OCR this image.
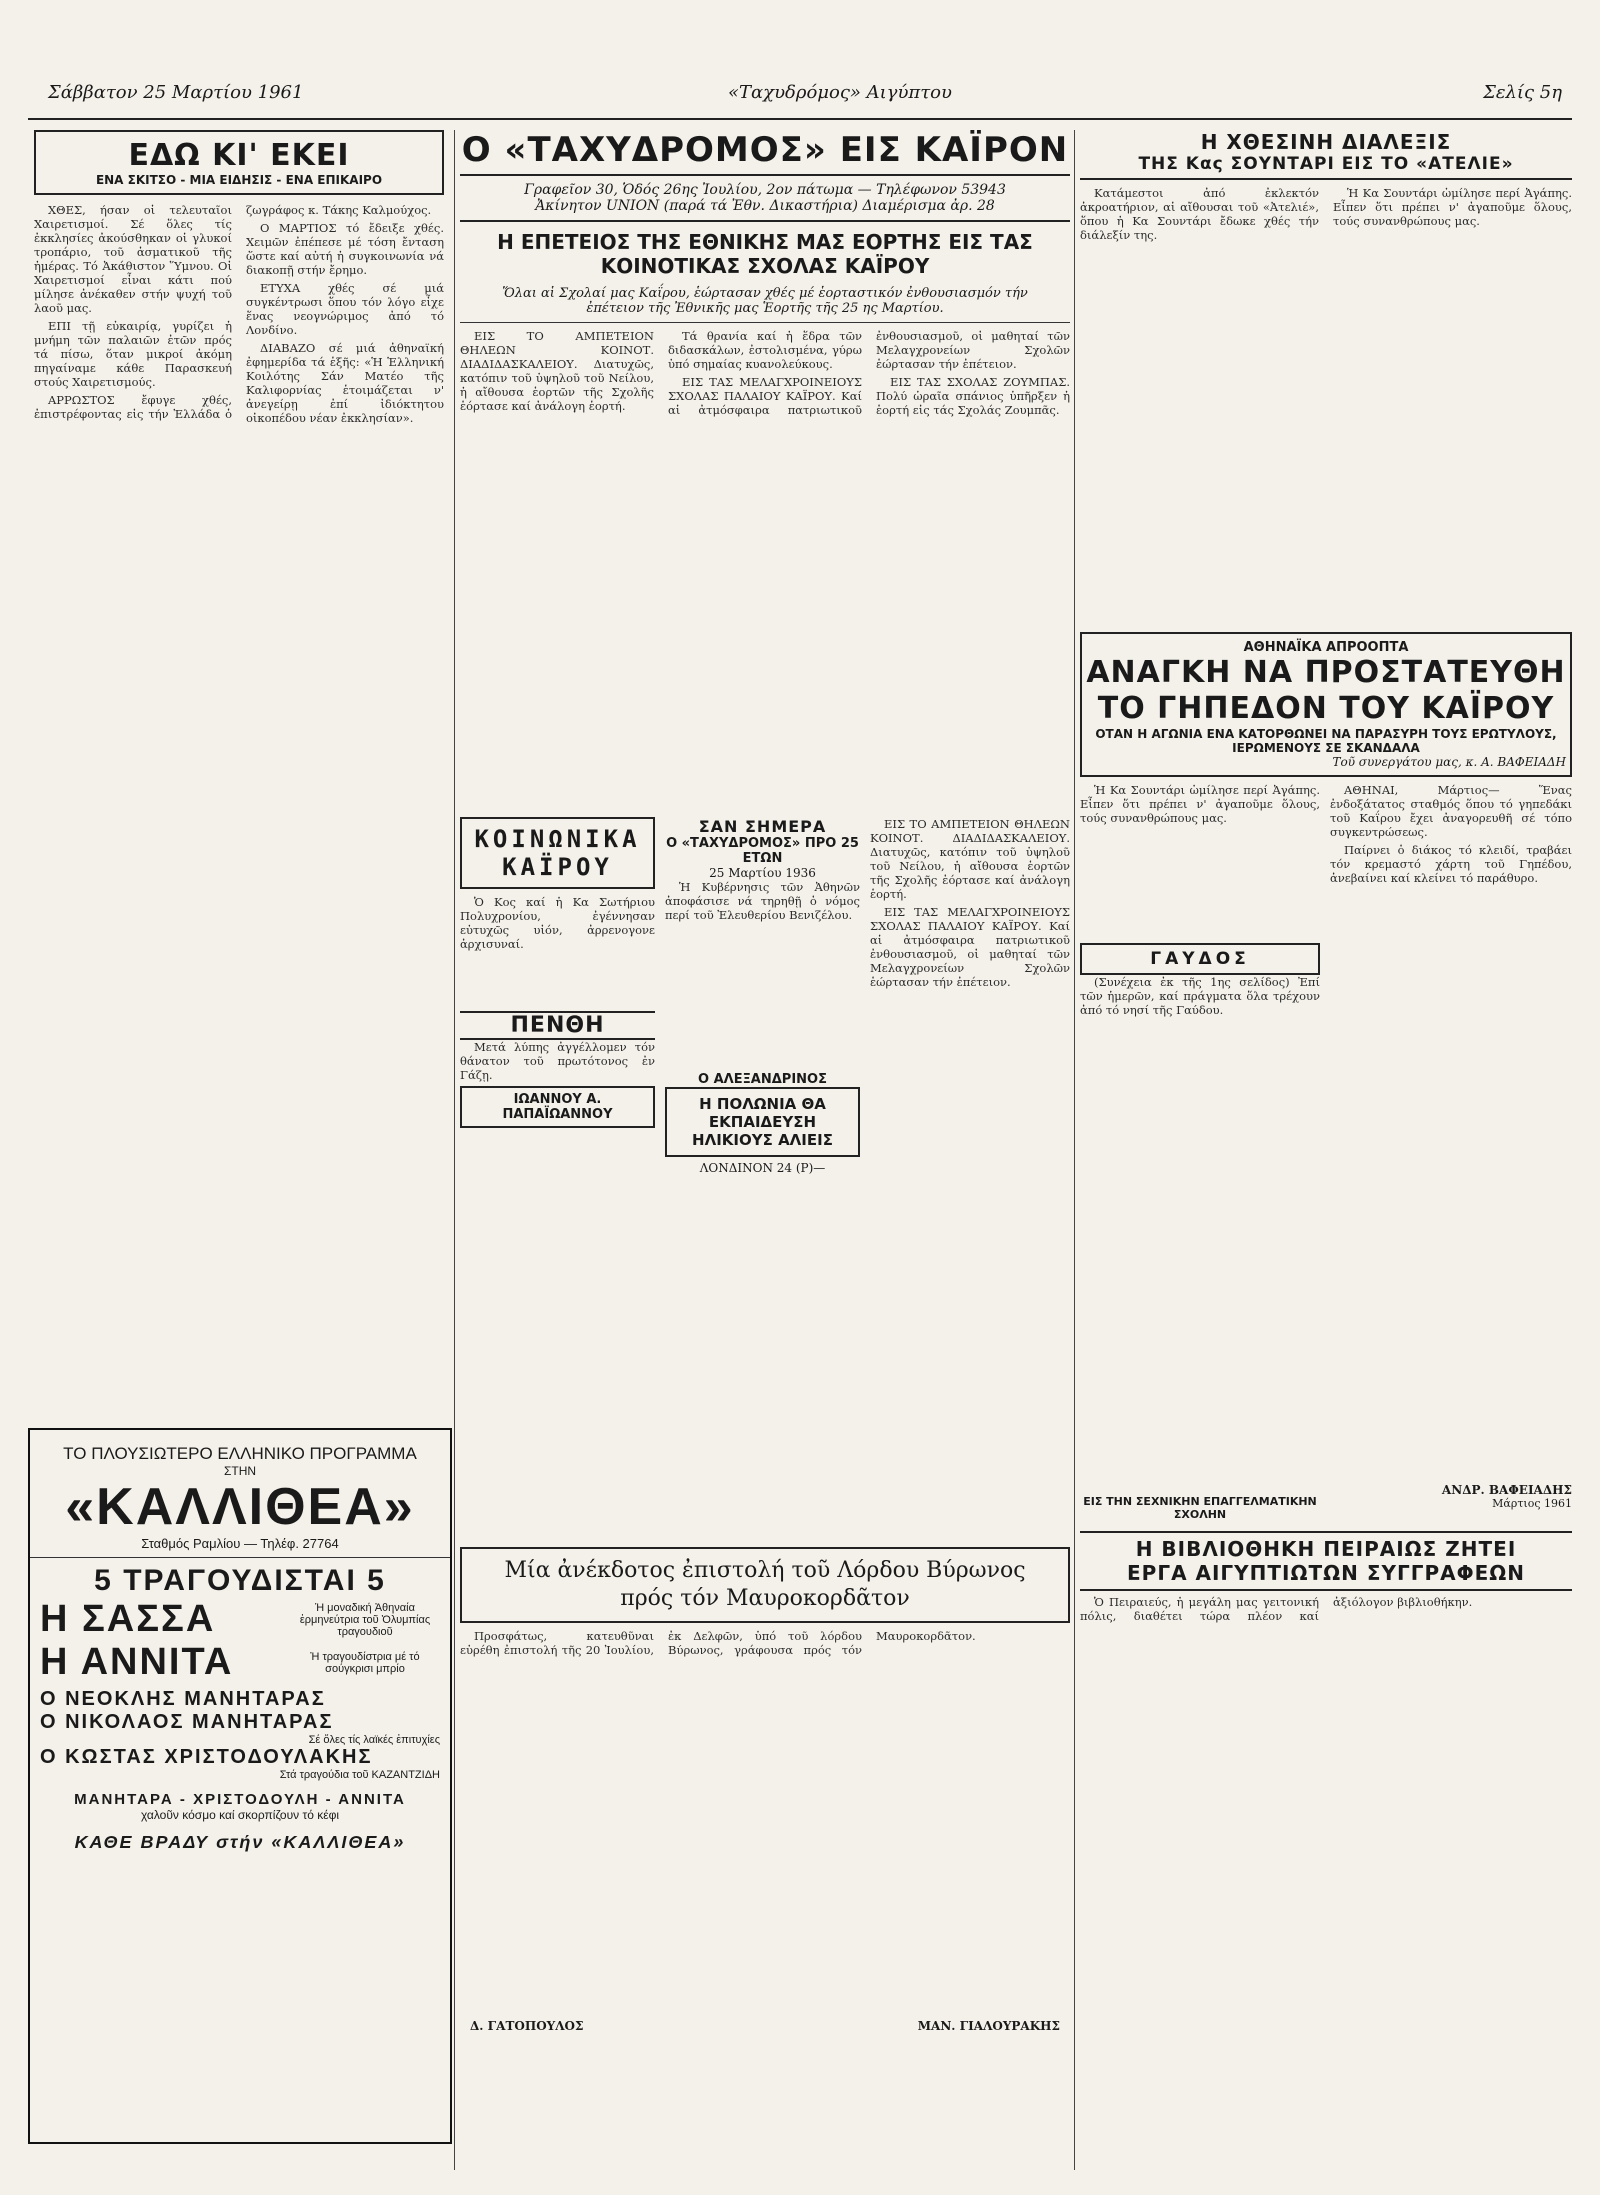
Σάββατον 25 Μαρτίου 1961	«Ταχυδρόμος» Αιγύπτου	Σελίς 5η
ΕΔΩ ΚΙ' ΕΚΕΙ
ΕΝΑ ΣΚΙΤΣΟ - ΜΙΑ ΕΙΔΗΣΙΣ - ΕΝΑ ΕΠΙΚΑΙΡΟ

ΧΘΕΣ, ήσαν οἱ τελευταῖοι Χαιρετισμοί. Σέ ὅλες τίς ἐκκλησίες ἀκούσθηκαν οἱ γλυκοί τροπάριο, τοῦ ἀσματικοῦ τῆς ἡμέρας. Τό Ἀκάθιστον Ὕμνου. Οἱ Χαιρετισμοί εἶναι κάτι πού μίλησε ἀνέκαθεν στήν ψυχή τοῦ λαοῦ μας.

ΕΠΙ τῇ εὐκαιρίᾳ, γυρίζει ἡ μνήμη τῶν παλαιῶν ἐτῶν πρός τά πίσω, ὅταν μικροί ἀκόμη πηγαίναμε κάθε Παρασκευή στούς Χαιρετισμούς.

ΑΡΡΩΣΤΟΣ ἔφυγε χθές, ἐπιστρέφοντας εἰς τήν Ἑλλάδα ὁ ζωγράφος κ. Τάκης Καλμούχος.

Ο ΜΑΡΤΙΟΣ τό ἔδειξε χθές. Χειμῶν ἐπέπεσε μέ τόση ἔνταση ὥστε καί αὐτή ἡ συγκοινωνία νά διακοπῇ στήν ἔρημο.

ΕΤΥΧΑ χθές σέ μιά συγκέντρωσι ὅπου τόν λόγο εἶχε ἕνας νεογνώριμος ἀπό τό Λονδίνο.

ΔΙΑΒΑΖΟ σέ μιά ἀθηναϊκή ἐφημερίδα τά ἑξῆς: «Ἡ Ἑλληνική Κοιλότης Σάν Ματέο τῆς Καλιφορνίας ἑτοιμάζεται ν' ἀνεγείρῃ ἐπί ἰδιόκτητου οἰκοπέδου νέαν ἐκκλησίαν».

ΤΟ ΠΛΟΥΣΙΩΤΕΡΟ ΕΛΛΗΝΙΚΟ ΠΡΟΓΡΑΜΜΑ
ΣΤΗΝ
«ΚΑΛΛΙΘΕΑ»
Σταθμός Ραμλίου — Τηλέφ. 27764
5 ΤΡΑΓΟΥΔΙΣΤΑΙ 5
Η ΣΑΣΣΑ	Ἡ μοναδική Ἀθηναία ἑρμηνεύτρια τοῦ Ὀλυμπίας τραγουδιοῦ
Η ΑΝΝΙΤΑ	Ἡ τραγουδίστρια μέ τό σούγκρισι μπρίο
Ο ΝΕΟΚΛΗΣ ΜΑΝΗΤΑΡΑΣ
Ο ΝΙΚΟΛΑΟΣ ΜΑΝΗΤΑΡΑΣ
Σέ ὅλες τίς λαϊκές ἐπιτυχίες
Ο ΚΩΣΤΑΣ ΧΡΙΣΤΟΔΟΥΛΑΚΗΣ
Στά τραγούδια τοῦ ΚΑΖΑΝΤΖΙΔΗ
ΜΑΝΗΤΑΡΑ - ΧΡΙΣΤΟΔΟΥΛΗ - ΑΝΝΙΤΑ
χαλοῦν κόσμο καί σκορπίζουν τό κέφι
ΚΑΘΕ ΒΡΑΔΥ στήν «ΚΑΛΛΙΘΕΑ»
Ο «ΤΑΧΥΔΡΟΜΟΣ» ΕΙΣ ΚΑΪΡΟΝ
Γραφεῖον 30, Ὁδός 26ης Ἰουλίου, 2ον πάτωμα — Τηλέφωνον 53943
Ἀκίνητον UNION (παρά τά Ἐθν. Δικαστήρια) Διαμέρισμα ἀρ. 28
Η ΕΠΕΤΕΙΟΣ ΤΗΣ ΕΘΝΙΚΗΣ ΜΑΣ ΕΟΡΤΗΣ ΕΙΣ ΤΑΣ ΚΟΙΝΟΤΙΚΑΣ ΣΧΟΛΑΣ ΚΑΪΡΟΥ
Ὅλαι αἱ Σχολαί μας Καΐρου, ἑώρτασαν χθές μέ ἑορταστικόν ἐνθουσιασμόν τήν ἐπέτειον τῆς Ἐθνικῆς μας Ἑορτῆς τῆς 25 ης Μαρτίου.

ΕΙΣ ΤΟ ΑΜΠΕΤΕΙΟΝ ΘΗΛΕΩΝ ΚΟΙΝΟΤ. ΔΙΑΔΙΔΑΣΚΑΛΕΙΟΥ. Διατυχῶς, κατόπιν τοῦ ὑψηλοῦ τοῦ Νείλου, ἡ αἴθουσα ἑορτῶν τῆς Σχολῆς ἑόρτασε καί ἀνάλογη ἑορτή.

Τά θρανία καί ἡ ἕδρα τῶν διδασκάλων, ἐστολισμένα, γύρω ὑπό σημαίας κυανολεύκους.

ΕΙΣ ΤΑΣ ΜΕΛΑΓΧΡΟΙΝΕΙΟΥΣ ΣΧΟΛΑΣ ΠΑΛΑΙΟΥ ΚΑΪΡΟΥ. Καί αἱ ἀτμόσφαιρα πατριωτικοῦ ἐνθουσιασμοῦ, οἱ μαθηταί τῶν Μελαγχρονείων Σχολῶν ἑώρτασαν τήν ἐπέτειον.

ΕΙΣ ΤΑΣ ΣΧΟΛΑΣ ΖΟΥΜΠΑΣ. Πολύ ὡραῖα σπάνιος ὑπῆρξεν ἡ ἑορτή εἰς τάς Σχολάς Ζουμπᾶς.

ΚΟΙΝΩΝΙΚΑ ΚΑΪΡΟΥ

Ὁ Κος καί ἡ Κα Σωτήριου Πολυχρονίου, ἐγέννησαν εὐτυχῶς υἱόν, ἀρρενογονε ἀρχισυναί.

ΠΕΝΘΗ

Μετά λύπης ἀγγέλλομεν τόν θάνατον τοῦ πρωτότονος ἐν Γάζῃ.

ΙΩΑΝΝΟΥ Α. ΠΑΠΑΪΩΑΝΝΟΥ
ΣΑΝ ΣΗΜΕΡΑ
Ο «ΤΑΧΥΔΡΟΜΟΣ» ΠΡΟ 25 ΕΤΩΝ
25 Μαρτίου 1936

Ἡ Κυβέρνησις τῶν Ἀθηνῶν ἀποφάσισε νά τηρηθῇ ὁ νόμος περί τοῦ Ἐλευθερίου Βενιζέλου.

Ο ΑΛΕΞΑΝΔΡΙΝΟΣ
Η ΠΟΛΩΝΙΑ ΘΑ ΕΚΠΑΙΔΕΥΣΗ ΗΛΙΚΙΟΥΣ ΑΛΙΕΙΣ
ΛΟΝΔΙΝΟΝ 24 (Ρ)—

ΕΙΣ ΤΟ ΑΜΠΕΤΕΙΟΝ ΘΗΛΕΩΝ ΚΟΙΝΟΤ. ΔΙΑΔΙΔΑΣΚΑΛΕΙΟΥ. Διατυχῶς, κατόπιν τοῦ ὑψηλοῦ τοῦ Νείλου, ἡ αἴθουσα ἑορτῶν τῆς Σχολῆς ἑόρτασε καί ἀνάλογη ἑορτή.

ΕΙΣ ΤΑΣ ΜΕΛΑΓΧΡΟΙΝΕΙΟΥΣ ΣΧΟΛΑΣ ΠΑΛΑΙΟΥ ΚΑΪΡΟΥ. Καί αἱ ἀτμόσφαιρα πατριωτικοῦ ἐνθουσιασμοῦ, οἱ μαθηταί τῶν Μελαγχρονείων Σχολῶν ἑώρτασαν τήν ἐπέτειον.

Μία ἀνέκδοτος ἐπιστολή τοῦ Λόρδου Βύρωνος πρός τόν Μαυροκορδᾶτον

Προσφάτως, κατευθῦναι εὑρέθη ἐπιστολή τῆς 20 Ἰουλίου, ἐκ Δελφῶν, ὑπό τοῦ λόρδου Βύρωνος, γράφουσα πρός τόν Μαυροκορδᾶτον.

Δ. ΓΑΤΟΠΟΥΛΟΣ	ΜΑΝ. ΓΙΑΛΟΥΡΑΚΗΣ
Η ΧΘΕΣΙΝΗ ΔΙΑΛΕΞΙΣ
ΤΗΣ Κας ΣΟΥΝΤΑΡΙ ΕΙΣ ΤΟ «ΑΤΕΛΙΕ»

Κατάμεστοι ἀπό ἐκλεκτόν ἀκροατήριον, αἱ αἴθουσαι τοῦ «Ἀτελιέ», ὅπου ἡ Κα Σουντάρι ἔδωκε χθές τήν διάλεξίν της.

Ἡ Κα Σουντάρι ὡμίλησε περί Ἀγάπης. Εἶπεν ὅτι πρέπει ν' ἀγαποῦμε ὅλους, τούς συνανθρώπους μας.

ΑΘΗΝΑΪΚΑ ΑΠΡΟΟΠΤΑ
ΑΝΑΓΚΗ ΝΑ ΠΡΟΣΤΑΤΕΥΘΗ
ΤΟ ΓΗΠΕΔΟΝ ΤΟΥ ΚΑΪΡΟΥ
ΟΤΑΝ Η ΑΓΩΝΙΑ ΕΝΑ ΚΑΤΟΡΘΩΝΕΙ ΝΑ ΠΑΡΑΣΥΡΗ ΤΟΥΣ ΕΡΩΤΥΛΟΥΣ, ΙΕΡΩΜΕΝΟΥΣ ΣΕ ΣΚΑΝΔΑΛΑ
Τοῦ συνεργάτου μας, κ. Α. ΒΑΦΕΙΑΔΗ

Ἡ Κα Σουντάρι ὡμίλησε περί Ἀγάπης. Εἶπεν ὅτι πρέπει ν' ἀγαποῦμε ὅλους, τούς συνανθρώπους μας.

ΓΑΥΔΟΣ

(Συνέχεια ἐκ τῆς 1ης σελίδος) Ἐπί τῶν ἡμερῶν, καί πράγματα ὅλα τρέχουν ἀπό τό νησί τῆς Γαύδου.

ΕΙΣ ΤΗΝ ΣΕΧΝΙΚΗΝ ΕΠΑΓΓΕΛΜΑΤΙΚΗΝ ΣΧΟΛΗΝ

ΑΘΗΝΑΙ, Μάρτιος— Ἕνας ἐνδοξάτατος σταθμός ὅπου τό γηπεδάκι τοῦ Καΐρου ἔχει ἀναγορευθῆ σέ τόπο συγκεντρώσεως.

Παίρνει ὁ διάκος τό κλειδί, τραβάει τόν κρεμαστό χάρτη τοῦ Γηπέδου, ἀνεβαίνει καί κλείνει τό παράθυρο.

ΑΝΔΡ. ΒΑΦΕΙΑΔΗΣ
Μάρτιος 1961
Η ΒΙΒΛΙΟΘΗΚΗ ΠΕΙΡΑΙΩΣ ΖΗΤΕΙ
ΕΡΓΑ ΑΙΓΥΠΤΙΩΤΩΝ ΣΥΓΓΡΑΦΕΩΝ

Ὁ Πειραιεύς, ἡ μεγάλη μας γειτονική πόλις, διαθέτει τώρα πλέον καί ἀξιόλογον βιβλιοθήκην.
